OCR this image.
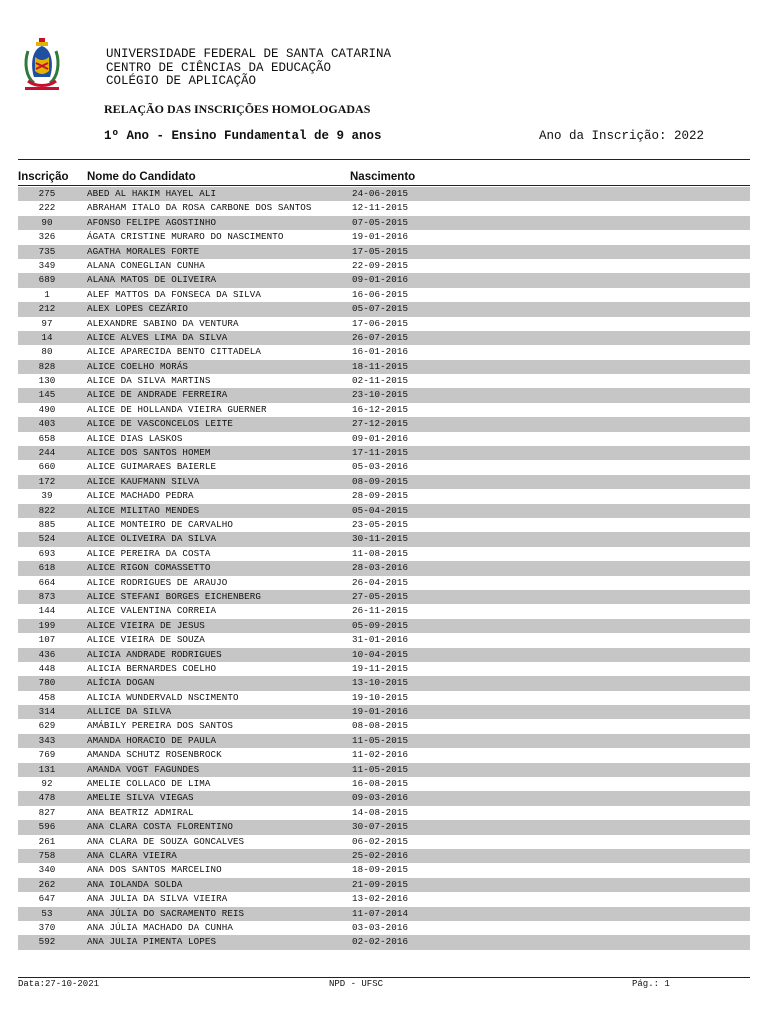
UNIVERSIDADE FEDERAL DE SANTA CATARINA
CENTRO DE CIÊNCIAS DA EDUCAÇÃO
COLÉGIO DE APLICAÇÃO
RELAÇÃO DAS INSCRIÇÕES HOMOLOGADAS
1º Ano - Ensino Fundamental de 9 anos	Ano da Inscrição: 2022
Inscrição Nome do Candidato	Nascimento
275	ABED AL HAKIM HAYEL ALI	24-06-2015
222	ABRAHAM ITALO DA ROSA CARBONE DOS SANTOS	12-11-2015
90	AFONSO FELIPE AGOSTINHO	07-05-2015
326	ÁGATA CRISTINE MURARO DO NASCIMENTO	19-01-2016
735	AGATHA MORALES FORTE	17-05-2015
349	ALANA CONEGLIAN CUNHA	22-09-2015
689	ALANA MATOS DE OLIVEIRA	09-01-2016
1	ALEF MATTOS DA FONSECA DA SILVA	16-06-2015
212	ALEX LOPES CEZÁRIO	05-07-2015
97	ALEXANDRE SABINO DA VENTURA	17-06-2015
14	ALICE ALVES LIMA DA SILVA	26-07-2015
80	ALICE APARECIDA BENTO CITTADELA	16-01-2016
828	ALICE COELHO MORÁS	18-11-2015
130	ALICE DA SILVA MARTINS	02-11-2015
145	ALICE DE ANDRADE FERREIRA	23-10-2015
490	ALICE DE HOLLANDA VIEIRA GUERNER	16-12-2015
403	ALICE DE VASCONCELOS LEITE	27-12-2015
658	ALICE DIAS LASKOS	09-01-2016
244	ALICE DOS SANTOS HOMEM	17-11-2015
660	ALICE GUIMARAES BAIERLE	05-03-2016
172	ALICE KAUFMANN SILVA	08-09-2015
39	ALICE MACHADO PEDRA	28-09-2015
822	ALICE MILITAO MENDES	05-04-2015
885	ALICE MONTEIRO DE CARVALHO	23-05-2015
524	ALICE OLIVEIRA DA SILVA	30-11-2015
693	ALICE PEREIRA DA COSTA	11-08-2015
618	ALICE RIGON COMASSETTO	28-03-2016
664	ALICE RODRIGUES DE ARAUJO	26-04-2015
873	ALICE STEFANI BORGES EICHENBERG	27-05-2015
144	ALICE VALENTINA CORREIA	26-11-2015
199	ALICE VIEIRA DE JESUS	05-09-2015
107	ALICE VIEIRA DE SOUZA	31-01-2016
436	ALICIA ANDRADE RODRIGUES	10-04-2015
448	ALICIA BERNARDES COELHO	19-11-2015
780	ALÍCIA DOGAN	13-10-2015
458	ALICIA WUNDERVALD NSCIMENTO	19-10-2015
314	ALLICE DA SILVA	19-01-2016
629	AMÁBILY PEREIRA DOS SANTOS	08-08-2015
343	AMANDA HORACIO DE PAULA	11-05-2015
769	AMANDA SCHUTZ ROSENBROCK	11-02-2016
131	AMANDA VOGT FAGUNDES	11-05-2015
92	AMELIE COLLACO DE LIMA	16-08-2015
478	AMELIE SILVA VIEGAS	09-03-2016
827	ANA BEATRIZ ADMIRAL	14-08-2015
596	ANA CLARA COSTA FLORENTINO	30-07-2015
261	ANA CLARA DE SOUZA GONCALVES	06-02-2015
758	ANA CLARA VIEIRA	25-02-2016
340	ANA DOS SANTOS MARCELINO	18-09-2015
262	ANA IOLANDA SOLDA	21-09-2015
647	ANA JULIA DA SILVA VIEIRA	13-02-2016
53	ANA JÚLIA DO SACRAMENTO REIS	11-07-2014
370	ANA JÚLIA MACHADO DA CUNHA	03-03-2016
592	ANA JULIA PIMENTA LOPES	02-02-2016
Data:27-10-2021	NPD - UFSC	Pág.: 1
